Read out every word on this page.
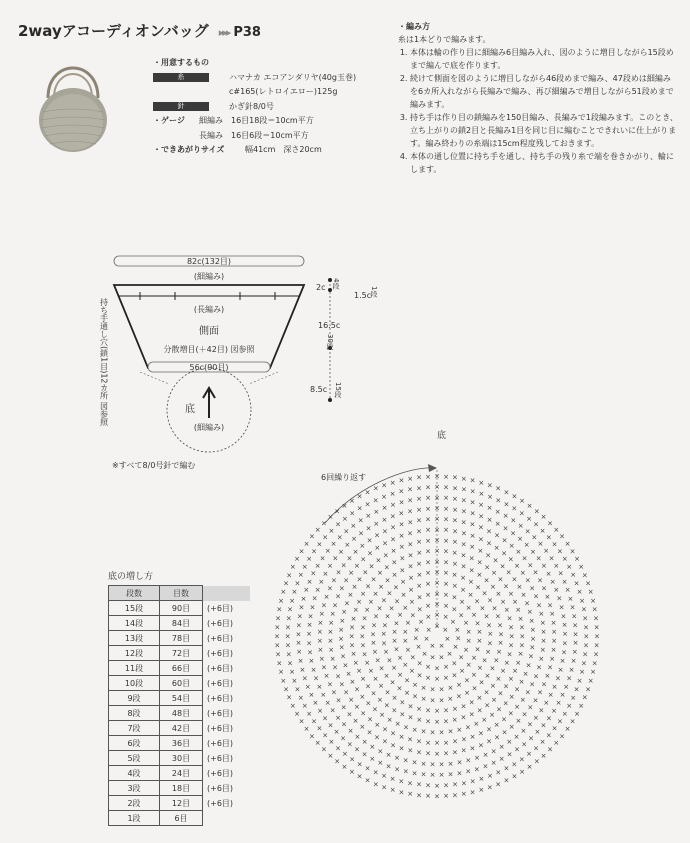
2wayアコーディオンバッグ ▸▸▸ P38
・用意するもの
糸	ハマナカ エコアンダリヤ(40g玉巻)
c#165(レトロイエロー)125g
針	かぎ針8/0号
・ゲージ 細編み　16目18段＝10cm平方
長編み　16目6段＝10cm平方
・できあがりサイズ	幅41cm　深さ20cm
・編み方
糸は1本どりで編みます。
1. 本体は輪の作り目に細編み6目編み入れ、図のように増目しながら15段めまで編んで底を作ります。
2. 続けて側面を図のように増目しながら46段めまで編み、47段めは細編みを6カ所入れながら長編みで編み、再び細編みで増目しながら51段めまで編みます。
3. 持ち手は作り目の鎖編みを150目編み、長編みで1段編みます。このとき、立ち上がりの鎖2目と長編み1目を同じ目に編むことできれいに仕上がります。編み終わりの糸端は15cm程度残しておきます。
4. 本体の通し位置に持ち手を通し、持ち手の残り糸で端を巻きかがり、輪にします。
82c(132目)
(細編み)
(長編み)
側面
分散増目(＋42目) 図参照
56c(90目)
底
(細編み)
持ち手通し穴(鎖1目)12カ所 図参照
2c 4段
1.5c
1段
16.5c
30段
8.5c 15段
※すべて8/0号針で編む
底
6回繰り返す
× ×
×
×
×
×
×
× ×
×
×
×
×
×
×
×
×
×
×
×
×
×
× × ×
×
×
×
×
×
×
×
×
×
×
×
×
×
×
×
×
×
× ×
× × ×
×
×
×
×
×
×
×
×
×
×
×
×
×
×
×
×
×
×
×
×
×
×
×
×
×
× ×
× × × ×
×
×
×
×
×
×
×
×
×
×
×
×
×
×
×
×
×
×
×
×
×
×
×
×
×
×
×
×
×
×
× × ×
× × × ×
×
×
×
×
×
×
×
×
×
×
×
×
×
×
×
×
×
×
×
×
×
×
×
×
×
×
×
×
×
×
×
×
×
×
×
×
×
×
× × ×
× × × × ×
×
×
×
×
×
×
×
×
×
×
×
×
×
×
×
×
×
×
×
×
×
×
×
×
×
×
×
×
×
×
×
×
×
×
×
×
×
×
×
×
×
×
×
× × × ×
× × × × ×
×
×
×
×
×
×
×
×
×
×
×
×
×
×
×
×
×
×
×
×
×
×
×
×
×
×
×
×
×
×
×
×
×
×
×
×
×
×
×
×
×
×
×
×
×
×
×
×
×
×
×
× × × ×
× × × × × ×
×
×
×
×
×
×
×
×
×
×
×
×
×
×
×
×
×
×
×
×
×
×
×
×
×
×
×
×
×
×
×
×
×
×
×
×
×
×
×
×
×
×
×
×
×
×
×
×
×
×
×
×
×
×
×
×
× × × × ×
× × × × × ×
×
×
×
×
×
×
×
×
×
×
×
×
×
×
×
×
×
×
×
×
×
×
×
×
×
×
×
×
×
×
×
×
×
×
×
×
×
×
×
×
×
×
×
×
×
×
×
×
×
×
×
×
×
×
×
×
×
×
×
×
×
×
×
× × × × ×
× × × × × × ×
×
×
×
×
×
×
×
×
×
×
×
×
×
×
×
×
×
×
×
×
×
×
×
×
×
×
×
×
×
×
×
×
×
×
×
×
×
×
×
×
×
×
×
×
×
×
×
×
×
×
×
×
×
×
×
×
×
×
×
×
×
×
×
×
×
×
×
×
×
× × × × × ×
× × × × × × × ×
×
×
×
×
×
×
×
×
×
×
×
×
×
×
×
×
×
×
×
×
×
×
×
×
×
×
×
×
×
×
×
×
×
×
×
×
×
×
×
×
×
×
×
×
×
×
×
×
×
×
×
×
×
×
×
×
×
×
×
×
×
×
×
×
×
×
×
×
×
×
×
×
×
×
× × × × × × ×
× × × × × × × ×
×
×
×
×
×
×
×
×
×
×
×
×
×
×
×
×
×
×
×
×
×
×
×
×
×
×
×
×
×
×
×
×
×
×
×
×
×
×
×
×
×
×
×
×
×
×
×
×
×
×
×
×
×
×
×
×
×
×
×
×
×
×
×
×
×
×
×
×
×
×
×
×
×
×
×
×
×
×
×
×
×
×
× × × × × × ×
× × × × × × × × ×
×
×
×
×
×
×
×
×
×
×
×
×
×
×
×
×
×
×
×
×
×
×
×
×
×
×
×
×
×
×
×
×
×
×
×
×
×
×
×
×
×
×
×
×
×
×
×
×
×
×
×
×
×
×
×
×
×
×
×
×
×
×
×
×
×
×
×
×
×
×
×
×
×
×
×
×
×
×
×
×
×
×
×
×
×
×
×
× × × × × × × ×
× × × × × × × × ×
×
×
×
×
×
×
×
×
×
×
×
×
×
×
×
×
×
×
×
×
×
×
×
×
×
×
×
×
×
×
×
×
×
×
×
×
×
×
×
×
×
×
×
×
×
×
×
×
×
×
×
×
×
×
×
×
×
×
×
×
×
×
×
×
×
×
×
×
×
×
×
×
×
×
×
×
×
×
×
×
×
×
×
×
×
×
×
×
×
×
×
×
×
×
×
× × × × × × × ×
底の増し方
段数	目数	
15段	90目	(+6目)
14段	84目	(+6目)
13段	78目	(+6目)
12段	72目	(+6目)
11段	66目	(+6目)
10段	60目	(+6目)
9段	54目	(+6目)
8段	48目	(+6目)
7段	42目	(+6目)
6段	36目	(+6目)
5段	30目	(+6目)
4段	24目	(+6目)
3段	18目	(+6目)
2段	12目	(+6目)
1段	6目	
